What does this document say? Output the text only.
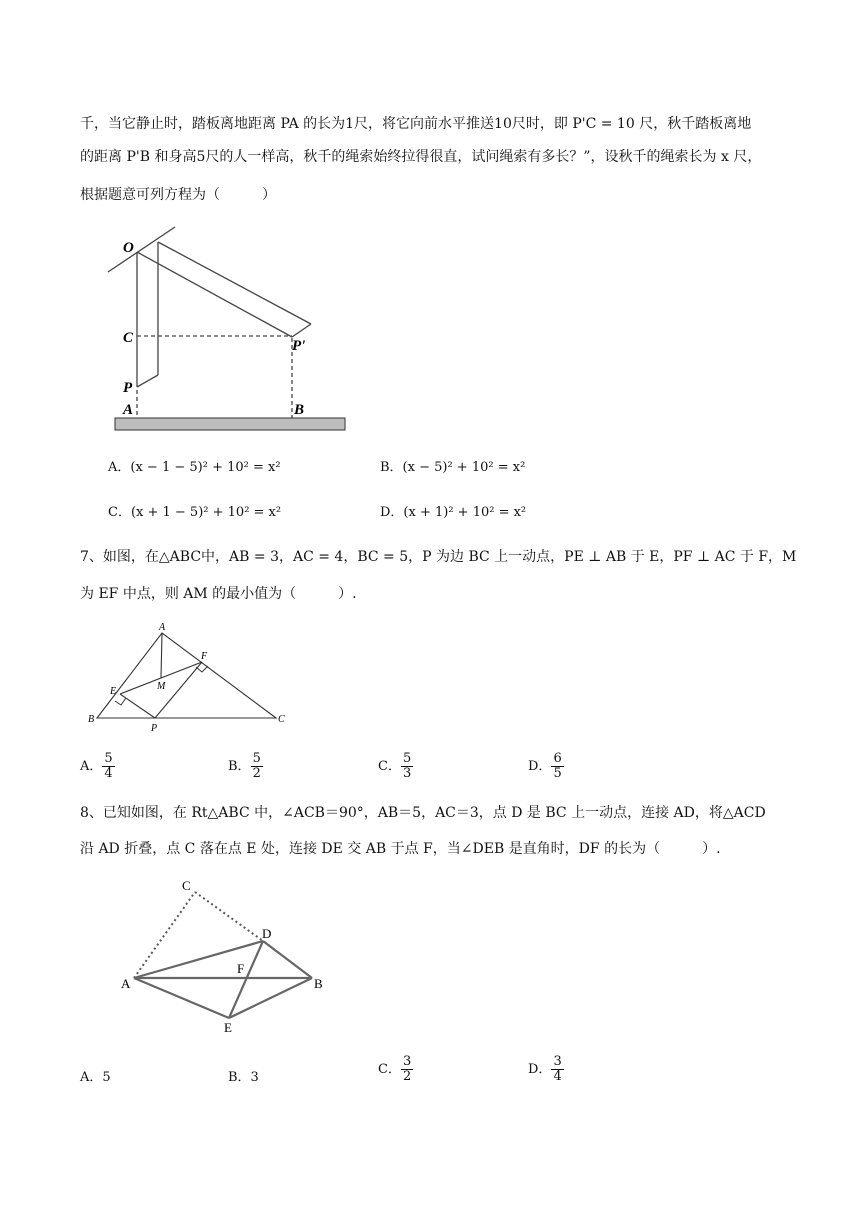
千，当它静止时，踏板离地距离 PA 的长为1尺，将它向前水平推送10尺时，即 P'C = 10 尺，秋千踏板离地
的距离 P'B 和身高5尺的人一样高，秋千的绳索始终拉得很直，试问绳索有多长？”，设秋千的绳索长为 x 尺，
根据题意可列方程为（　　　）
O
C
P
A
P'
B
A．(x − 1 − 5)² + 10² = x²	B．(x − 5)² + 10² = x²
C．(x + 1 − 5)² + 10² = x²	D．(x + 1)² + 10² = x²
7、如图，在△ABC中，AB = 3，AC = 4，BC = 5，P 为边 BC 上一动点，PE ⊥ AB 于 E，PF ⊥ AC 于 F，M
为 EF 中点，则 AM 的最小值为（　　　）.
A
B	C
E
F
M
P
A． $\frac{5}{4}$	B． $\frac{5}{2}$	C． $\frac{5}{3}$	D． $\frac{6}{5}$
8、已知如图，在 Rt△ABC 中，∠ACB＝90°，AB＝5，AC＝3，点 D 是 BC 上一动点，连接 AD，将△ACD
沿 AD 折叠，点 C 落在点 E 处，连接 DE 交 AB 于点 F，当∠DEB 是直角时，DF 的长为（　　　）.
C
D
A
F
B
E
A．5	B．3
C． $\frac{3}{2}$	D． $\frac{3}{4}$
